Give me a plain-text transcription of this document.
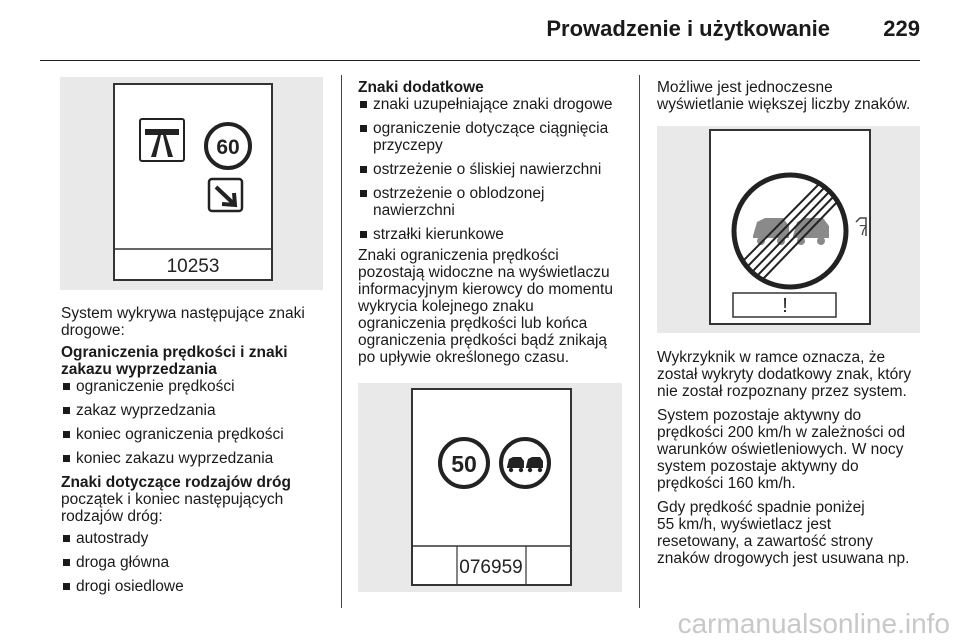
Prowadzenie i użytkowanie 229
60
10253

System wykrywa następujące znaki drogowe:

Ograniczenia prędkości i znaki
zakazu wyprzedzania
ograniczenie prędkości
zakaz wyprzedzania
koniec ograniczenia prędkości
koniec zakazu wyprzedzania
Znaki dotyczące rodzajów dróg

początek i koniec następujących
rodzajów dróg:

autostrady
droga główna
drogi osiedlowe
Znaki dodatkowe
znaki uzupełniające znaki drogowe
ograniczenie dotyczące ciągnięcia
przyczepy
ostrzeżenie o śliskiej nawierzchni
ostrzeżenie o oblodzonej
nawierzchni
strzałki kierunkowe

Znaki ograniczenia prędkości
pozostają widoczne na wyświetlaczu
informacyjnym kierowcy do momentu
wykrycia kolejnego znaku
ograniczenia prędkości lub końca
ograniczenia prędkości bądź znikają
po upływie określonego czasu.

50
076959

Możliwe jest jednoczesne
wyświetlanie większej liczby znaków.

7
!

Wykrzyknik w ramce oznacza, że
został wykryty dodatkowy znak, który
nie został rozpoznany przez system.

System pozostaje aktywny do
prędkości 200 km/h w zależności od
warunków oświetleniowych. W nocy
system pozostaje aktywny do
prędkości 160 km/h.

Gdy prędkość spadnie poniżej
55 km/h, wyświetlacz jest
resetowany, a zawartość strony
znaków drogowych jest usuwana np.

carmanualsonline.info
